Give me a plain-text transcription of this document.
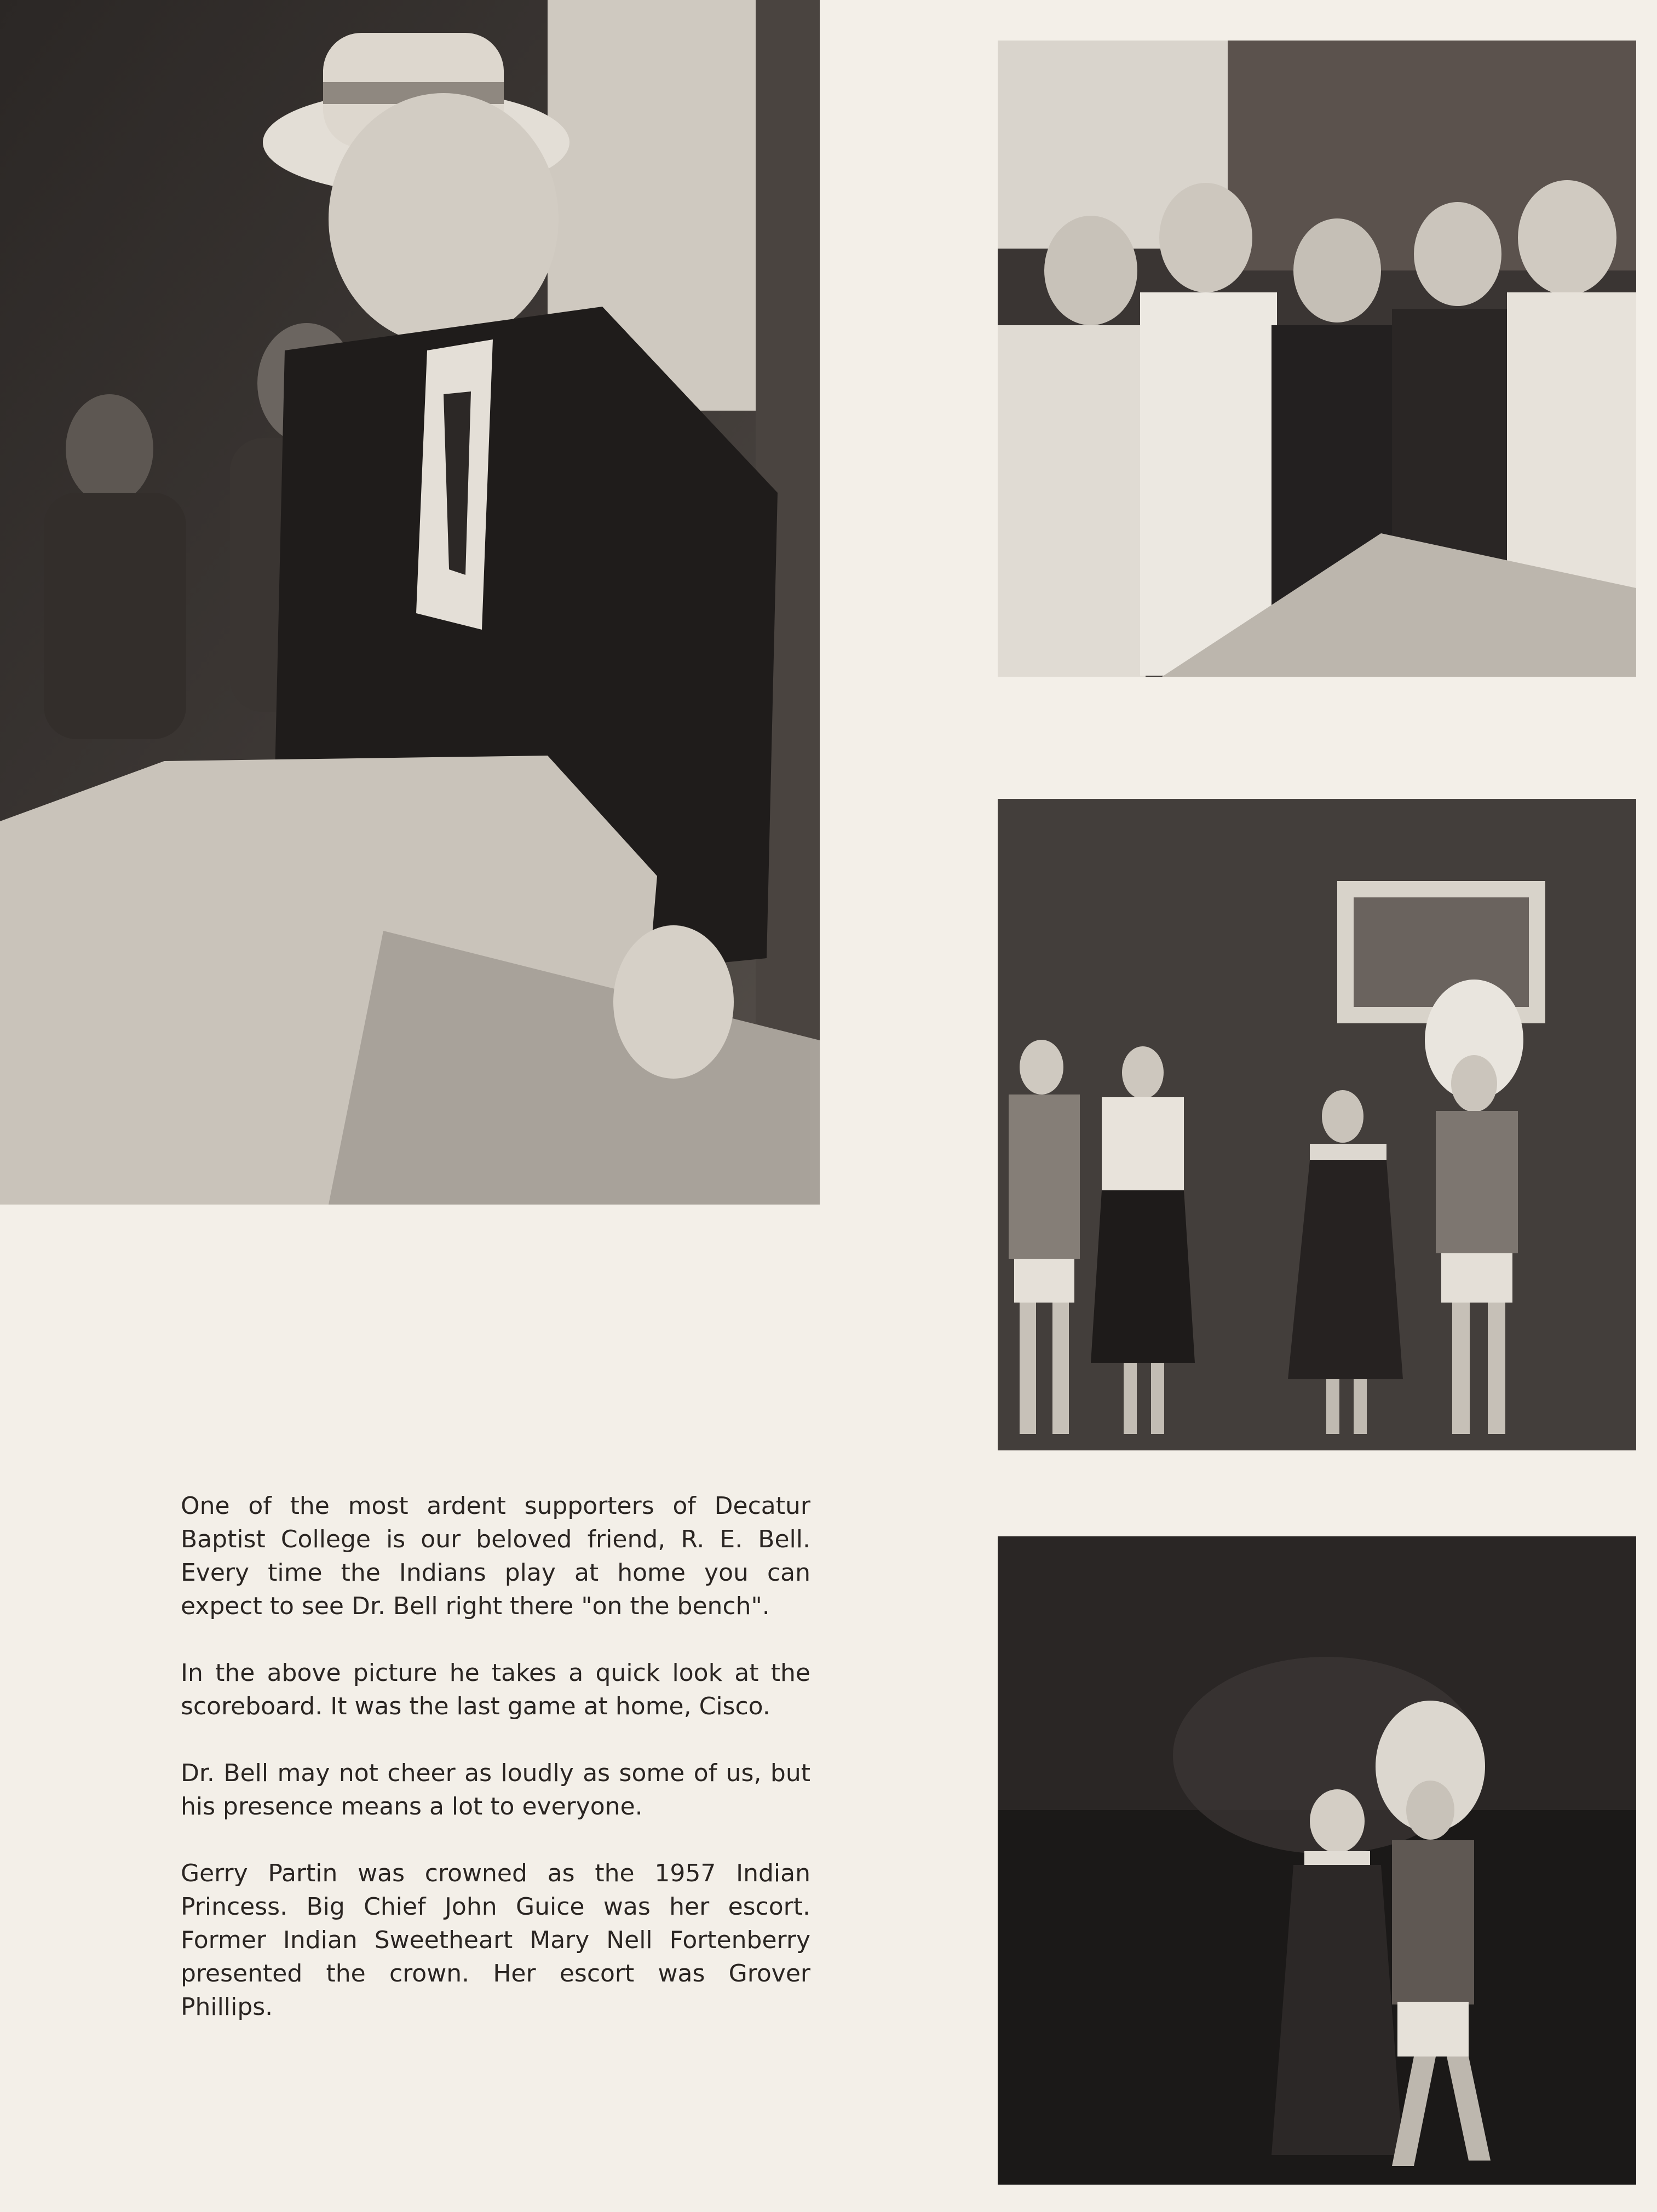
One of the most ardent supporters of Decatur Baptist College is our beloved friend, R. E. Bell. Every time the Indians play at home you can expect to see Dr. Bell right there "on the bench".

In the above picture he takes a quick look at the scoreboard. It was the last game at home, Cisco.

Dr. Bell may not cheer as loudly as some of us, but his presence means a lot to everyone.

Gerry Partin was crowned as the 1957 Indian Princess. Big Chief John Guice was her escort. Former Indian Sweetheart Mary Nell Fortenberry presented the crown. Her escort was Grover Phillips.
